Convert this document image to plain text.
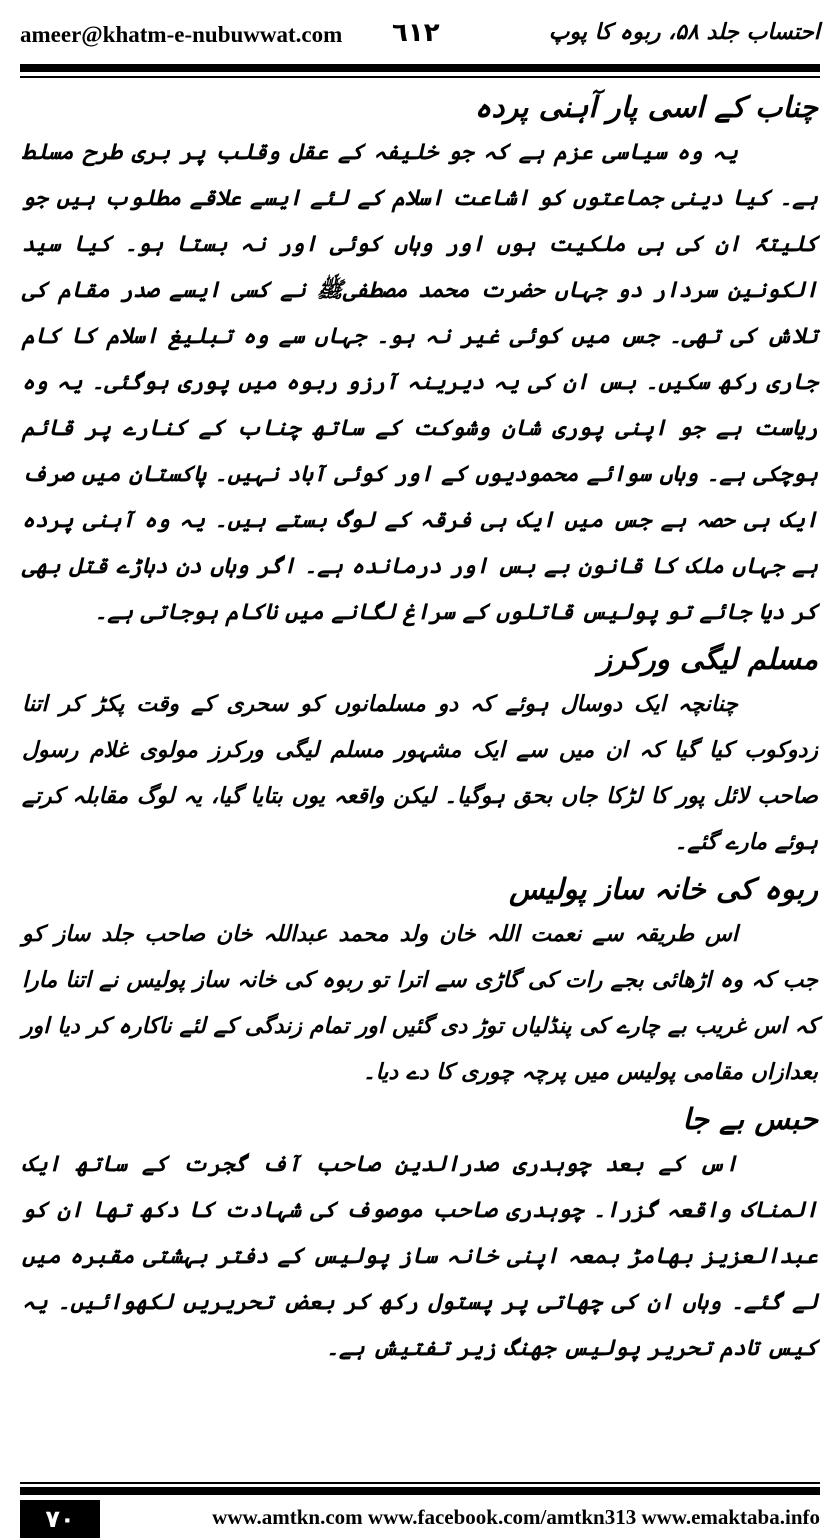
ameer@khatm-e-nubuwwat.com ٦١٢	احتساب جلد ۵۸، ربوہ کا پوپ
چناب کے اسی پار آہنی پردہ

یہ وہ سیاسی عزم ہے کہ جو خلیفہ کے عقل وقلب پر بری طرح مسلط ہے۔ کیا دینی جماعتوں کو اشاعت اسلام کے لئے ایسے علاقے مطلوب ہیں جو کلیتہً ان کی ہی ملکیت ہوں اور وہاں کوئی اور نہ بستا ہو۔ کیا سید الکونین سردار دو جہاں حضرت محمد مصطفیﷺ نے کسی ایسے صدر مقام کی تلاش کی تھی۔ جس میں کوئی غیر نہ ہو۔ جہاں سے وہ تبلیغ اسلام کا کام جاری رکھ سکیں۔ بس ان کی یہ دیرینہ آرزو ربوہ میں پوری ہوگئی۔ یہ وہ ریاست ہے جو اپنی پوری شان وشوکت کے ساتھ چناب کے کنارے پر قائم ہوچکی ہے۔ وہاں سوائے محمودیوں کے اور کوئی آباد نہیں۔ پاکستان میں صرف ایک ہی حصہ ہے جس میں ایک ہی فرقہ کے لوگ بستے ہیں۔ یہ وہ آہنی پردہ ہے جہاں ملک کا قانون بے بس اور درماندہ ہے۔ اگر وہاں دن دہاڑے قتل بھی کر دیا جائے تو پولیس قاتلوں کے سراغ لگانے میں ناکام ہوجاتی ہے۔

مسلم لیگی ورکرز

چنانچہ ایک دوسال ہوئے کہ دو مسلمانوں کو سحری کے وقت پکڑ کر اتنا زدوکوب کیا گیا کہ ان میں سے ایک مشہور مسلم لیگی ورکرز مولوی غلام رسول صاحب لائل پور کا لڑکا جاں بحق ہوگیا۔ لیکن واقعہ یوں بتایا گیا، یہ لوگ مقابلہ کرتے ہوئے مارے گئے۔

ربوہ کی خانہ ساز پولیس

اس طریقہ سے نعمت اللہ خان ولد محمد عبداللہ خان صاحب جلد ساز کو جب کہ وہ اڑھائی بجے رات کی گاڑی سے اترا تو ربوہ کی خانہ ساز پولیس نے اتنا مارا کہ اس غریب بے چارے کی پنڈلیاں توڑ دی گئیں اور تمام زندگی کے لئے ناکارہ کر دیا اور بعدازاں مقامی پولیس میں پرچہ چوری کا دے دیا۔

حبس بے جا

اس کے بعد چوہدری صدرالدین صاحب آف گجرت کے ساتھ ایک المناک واقعہ گزرا۔ چوہدری صاحب موصوف کی شہادت کا دکھ تھا ان کو عبدالعزیز بھامڑ بمعہ اپنی خانہ ساز پولیس کے دفتر بہشتی مقبرہ میں لے گئے۔ وہاں ان کی چھاتی پر پستول رکھ کر بعض تحریریں لکھوائیں۔ یہ کیس تادم تحریر پولیس جھنگ زیر تفتیش ہے۔

۷۰	www.amtkn.com www.facebook.com/amtkn313 www.emaktaba.info
